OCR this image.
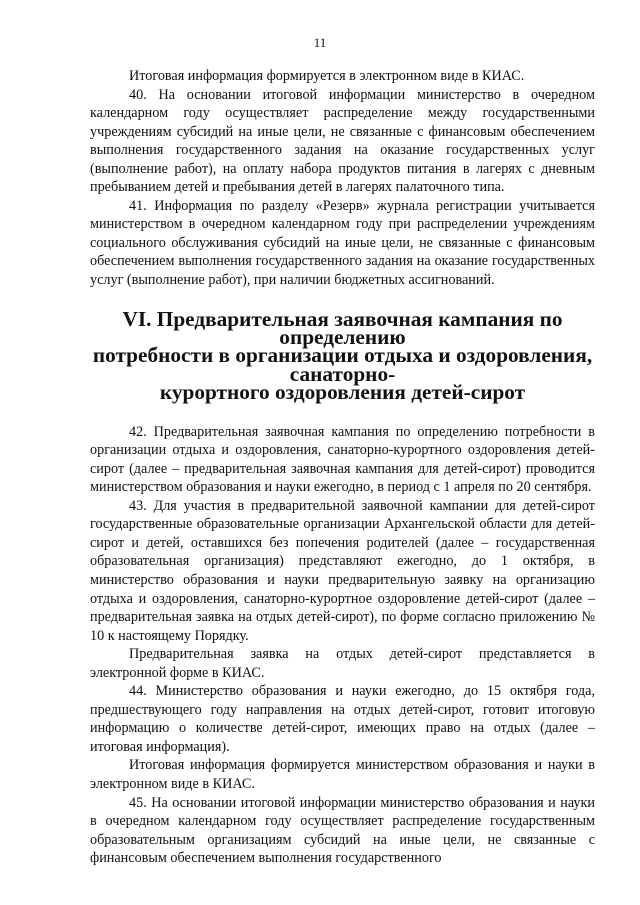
11

Итоговая информация формируется в электронном виде в КИАС.

40. На основании итоговой информации министерство в очередном календарном году осуществляет распределение между государственными учреждениям субсидий на иные цели, не связанные с финансовым обеспечением выполнения государственного задания на оказание государственных услуг (выполнение работ), на оплату набора продуктов питания в лагерях с дневным пребыванием детей и пребывания детей в лагерях палаточного типа.

41. Информация по разделу «Резерв» журнала регистрации учитывается министерством в очередном календарном году при распределении учреждениям социального обслуживания субсидий на иные цели, не связанные с финансовым обеспечением выполнения государственного задания на оказание государственных услуг (выполнение работ), при наличии бюджетных ассигнований.

VI. Предварительная заявочная кампания по определению
потребности в организации отдыха и оздоровления, санаторно-
курортного оздоровления детей-сирот

42. Предварительная заявочная кампания по определению потребности в организации отдыха и оздоровления, санаторно-курортного оздоровления детей-сирот (далее – предварительная заявочная кампания для детей-сирот) проводится министерством образования и науки ежегодно, в период с 1 апреля по 20 сентября.

43. Для участия в предварительной заявочной кампании для детей-сирот государственные образовательные организации Архангельской области для детей-сирот и детей, оставшихся без попечения родителей (далее – государственная образовательная организация) представляют ежегодно, до 1 октября, в министерство образования и науки предварительную заявку на организацию отдыха и оздоровления, санаторно-курортное оздоровление детей-сирот (далее – предварительная заявка на отдых детей-сирот), по форме согласно приложению № 10 к настоящему Порядку.

Предварительная заявка на отдых детей-сирот представляется в электронной форме в КИАС.

44. Министерство образования и науки ежегодно, до 15 октября года, предшествующего году направления на отдых детей-сирот, готовит итоговую информацию о количестве детей-сирот, имеющих право на отдых (далее – итоговая информация).

Итоговая информация формируется министерством образования и науки в электронном виде в КИАС.

45. На основании итоговой информации министерство образования и науки в очередном календарном году осуществляет распределение государственным образовательным организациям субсидий на иные цели, не связанные с финансовым обеспечением выполнения государственного
